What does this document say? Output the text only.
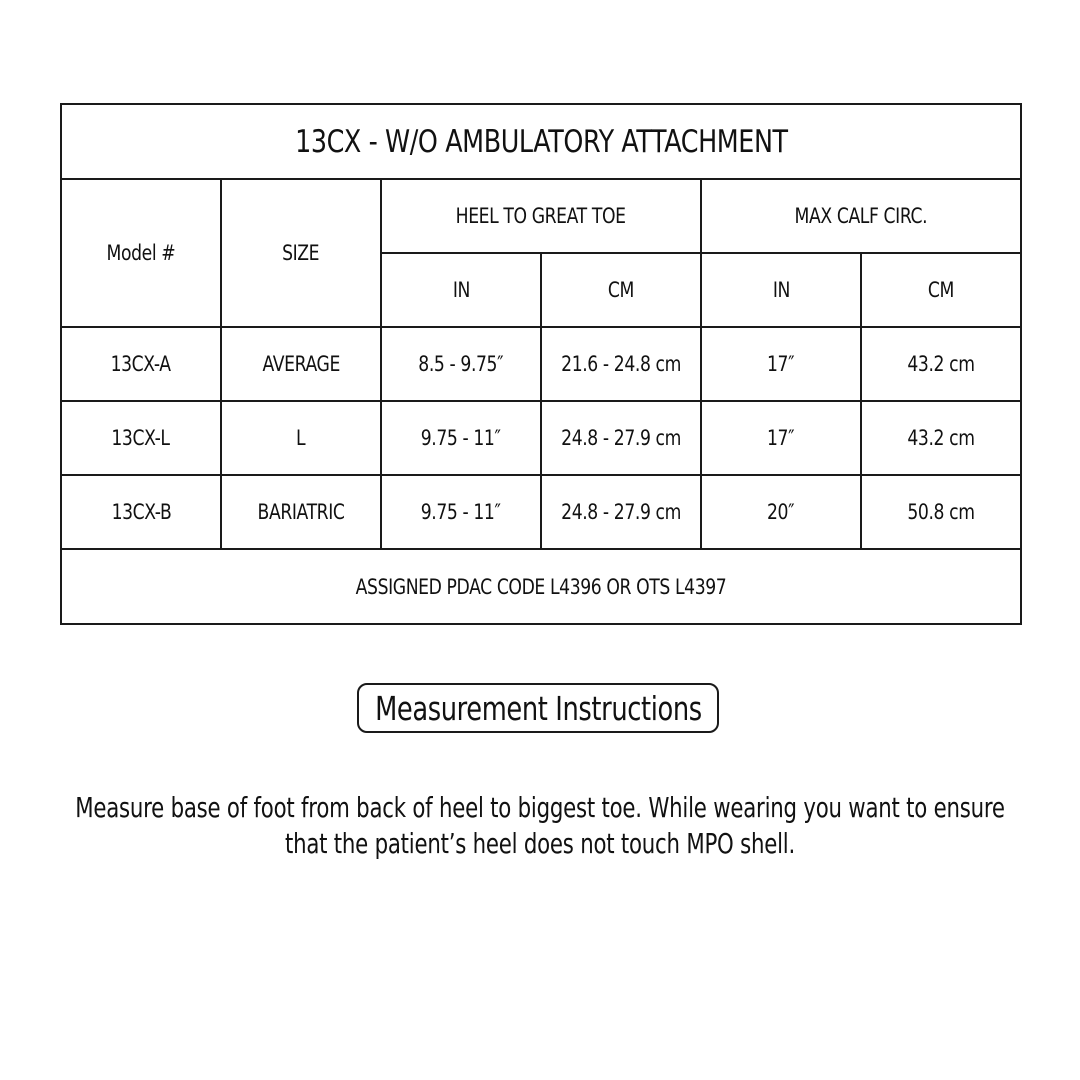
13CX - W/O AMBULATORY ATTACHMENT					
Model #	SIZE	HEEL TO GREAT TOE		MAX CALF CIRC.	
		IN	CM	IN	CM
13CX-A	AVERAGE	8.5 - 9.75″	21.6 - 24.8 cm	17″	43.2 cm
13CX-L	L	9.75 - 11″	24.8 - 27.9 cm	17″	43.2 cm
13CX-B	BARIATRIC	9.75 - 11″	24.8 - 27.9 cm	20″	50.8 cm
ASSIGNED PDAC CODE L4396 OR OTS L4397					
Measurement Instructions
Measure base of foot from back of heel to biggest toe. While wearing you want to ensure that the patient’s heel does not touch MPO shell.
